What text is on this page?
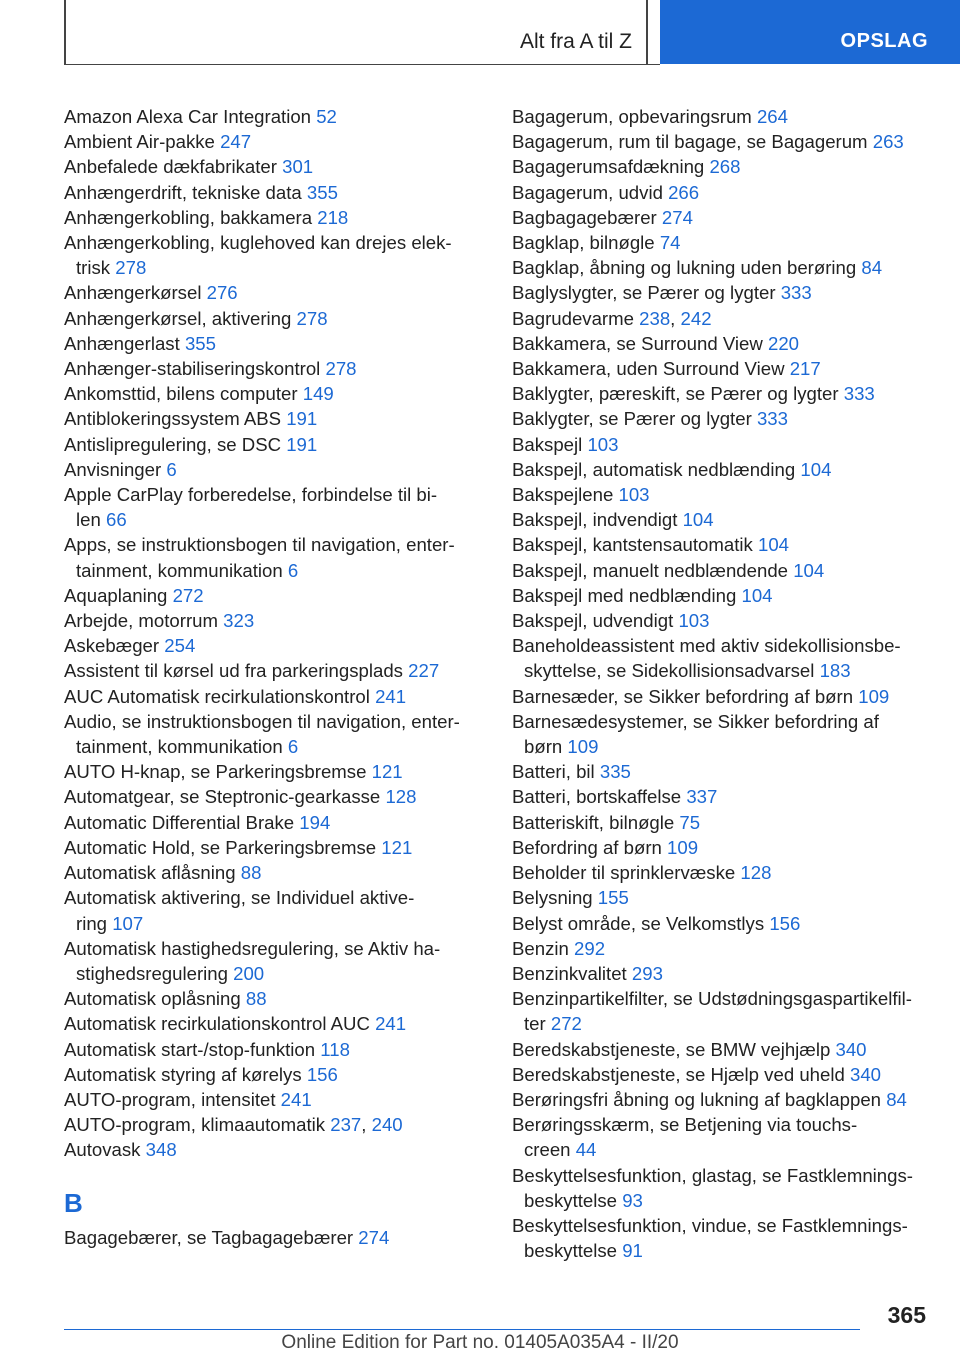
Alt fra A til Z	OPSLAG
Amazon Alexa Car Integration 52
Ambient Air-pakke 247
Anbefalede dækfabrikater 301
Anhængerdrift, tekniske data 355
Anhængerkobling, bakkamera 218
Anhængerkobling, kuglehoved kan drejes elek-
trisk 278
Anhængerkørsel 276
Anhængerkørsel, aktivering 278
Anhængerlast 355
Anhænger-stabiliseringskontrol 278
Ankomsttid, bilens computer 149
Antiblokeringssystem ABS 191
Antislipregulering, se DSC 191
Anvisninger 6
Apple CarPlay forberedelse, forbindelse til bi-
len 66
Apps, se instruktionsbogen til navigation, enter-
tainment, kommunikation 6
Aquaplaning 272
Arbejde, motorrum 323
Askebæger 254
Assistent til kørsel ud fra parkeringsplads 227
AUC Automatisk recirkulationskontrol 241
Audio, se instruktionsbogen til navigation, enter-
tainment, kommunikation 6
AUTO H-knap, se Parkeringsbremse 121
Automatgear, se Steptronic-gearkasse 128
Automatic Differential Brake 194
Automatic Hold, se Parkeringsbremse 121
Automatisk aflåsning 88
Automatisk aktivering, se Individuel aktive-
ring 107
Automatisk hastighedsregulering, se Aktiv ha-
stighedsregulering 200
Automatisk oplåsning 88
Automatisk recirkulationskontrol AUC 241
Automatisk start-/stop-funktion 118
Automatisk styring af kørelys 156
AUTO-program, intensitet 241
AUTO-program, klimaautomatik 237, 240
Autovask 348
B
Bagagebærer, se Tagbagagebærer 274
Bagagerum, opbevaringsrum 264
Bagagerum, rum til bagage, se Bagagerum 263
Bagagerumsafdækning 268
Bagagerum, udvid 266
Bagbagagebærer 274
Bagklap, bilnøgle 74
Bagklap, åbning og lukning uden berøring 84
Baglyslygter, se Pærer og lygter 333
Bagrudevarme 238, 242
Bakkamera, se Surround View 220
Bakkamera, uden Surround View 217
Baklygter, pæreskift, se Pærer og lygter 333
Baklygter, se Pærer og lygter 333
Bakspejl 103
Bakspejl, automatisk nedblænding 104
Bakspejlene 103
Bakspejl, indvendigt 104
Bakspejl, kantstensautomatik 104
Bakspejl, manuelt nedblændende 104
Bakspejl med nedblænding 104
Bakspejl, udvendigt 103
Baneholdeassistent med aktiv sidekollisionsbe-
skyttelse, se Sidekollisionsadvarsel 183
Barnesæder, se Sikker befordring af børn 109
Barnesædesystemer, se Sikker befordring af
børn 109
Batteri, bil 335
Batteri, bortskaffelse 337
Batteriskift, bilnøgle 75
Befordring af børn 109
Beholder til sprinklervæske 128
Belysning 155
Belyst område, se Velkomstlys 156
Benzin 292
Benzinkvalitet 293
Benzinpartikelfilter, se Udstødningsgaspartikelfil-
ter 272
Beredskabstjeneste, se BMW vejhjælp 340
Beredskabstjeneste, se Hjælp ved uheld 340
Berøringsfri åbning og lukning af bagklappen 84
Berøringsskærm, se Betjening via touchs-
creen 44
Beskyttelsesfunktion, glastag, se Fastklemnings-
beskyttelse 93
Beskyttelsesfunktion, vindue, se Fastklemnings-
beskyttelse 91
365
Online Edition for Part no. 01405A035A4 - II/20
